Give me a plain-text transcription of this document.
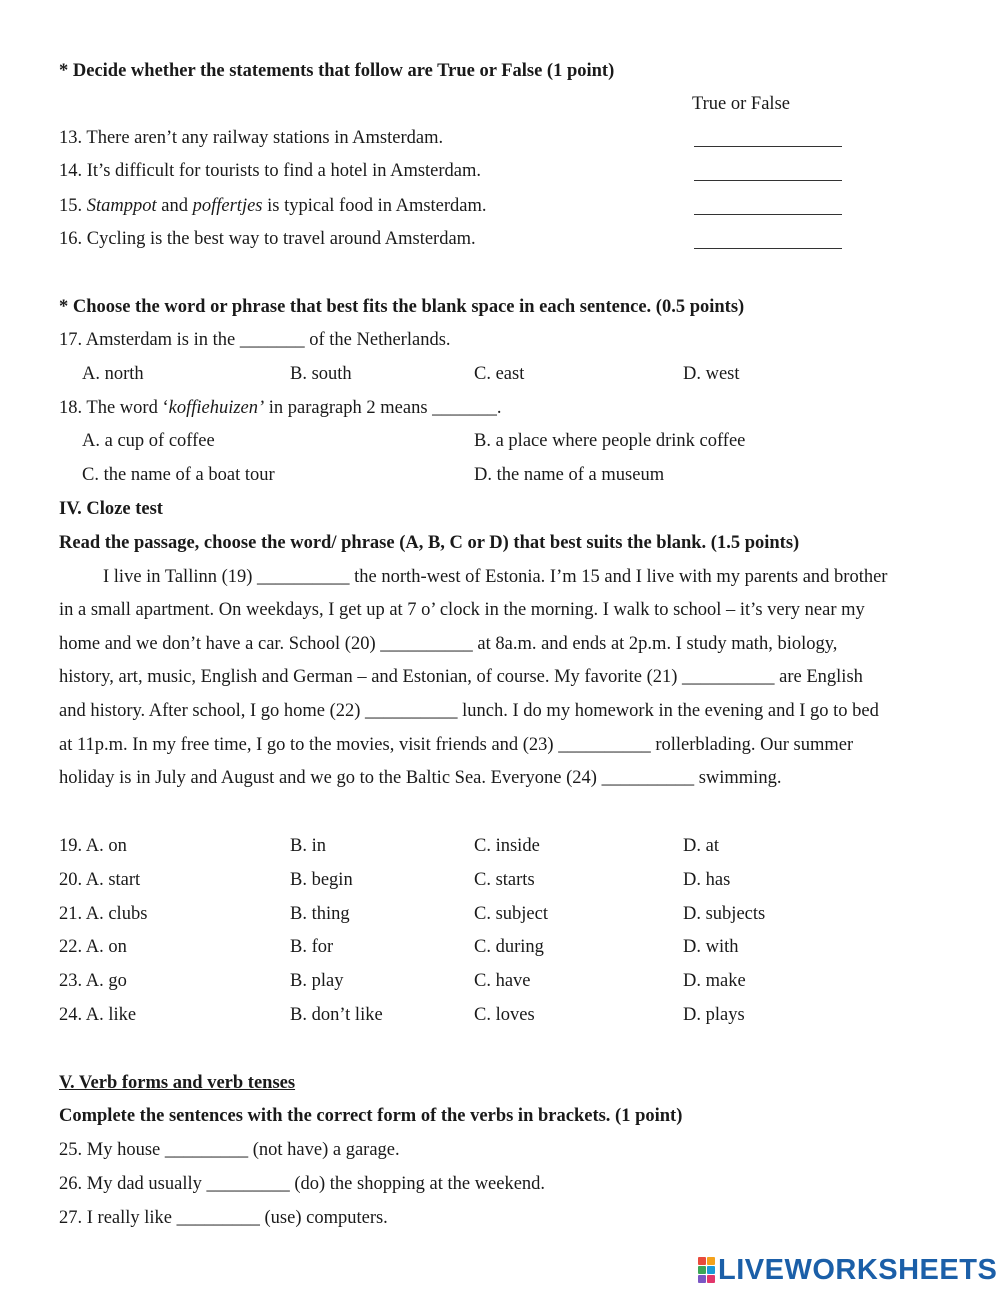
* Decide whether the statements that follow are True or False (1 point)
True or False
13. There aren’t any railway stations in Amsterdam.
14. It’s difficult for tourists to find a hotel in Amsterdam.
15. Stamppot and poffertjes is typical food in Amsterdam.
16. Cycling is the best way to travel around Amsterdam.
* Choose the word or phrase that best fits the blank space in each sentence. (0.5 points)
17. Amsterdam is in the _______ of the Netherlands.
A. north	B. south	C. east	D. west
18. The word ‘koffiehuizen’ in paragraph 2 means _______.
A. a cup of coffee	B. a place where people drink coffee
C. the name of a boat tour	D. the name of a museum
IV. Cloze test
Read the passage, choose the word/ phrase (A, B, C or D) that best suits the blank. (1.5 points)
I live in Tallinn (19) __________ the north-west of Estonia. I’m 15 and I live with my parents and brother
in a small apartment. On weekdays, I get up at 7 o’ clock in the morning. I walk to school – it’s very near my
home and we don’t have a car. School (20) __________ at 8a.m. and ends at 2p.m. I study math, biology,
history, art, music, English and German – and Estonian, of course. My favorite (21) __________ are English
and history. After school, I go home (22) __________ lunch. I do my homework in the evening and I go to bed
at 11p.m. In my free time, I go to the movies, visit friends and (23) __________ rollerblading. Our summer
holiday is in July and August and we go to the Baltic Sea. Everyone (24) __________ swimming.
19. A. on	B. in	C. inside	D. at
20. A. start	B. begin	C. starts	D. has
21. A. clubs	B. thing	C. subject	D. subjects
22. A. on	B. for	C. during	D. with
23. A. go	B. play	C. have	D. make
24. A. like	B. don’t like	C. loves	D. plays
V. Verb forms and verb tenses
Complete the sentences with the correct form of the verbs in brackets. (1 point)
25. My house _________ (not have) a garage.
26. My dad usually _________ (do) the shopping at the weekend.
27. I really like _________ (use) computers.
LIVEWORKSHEETS
